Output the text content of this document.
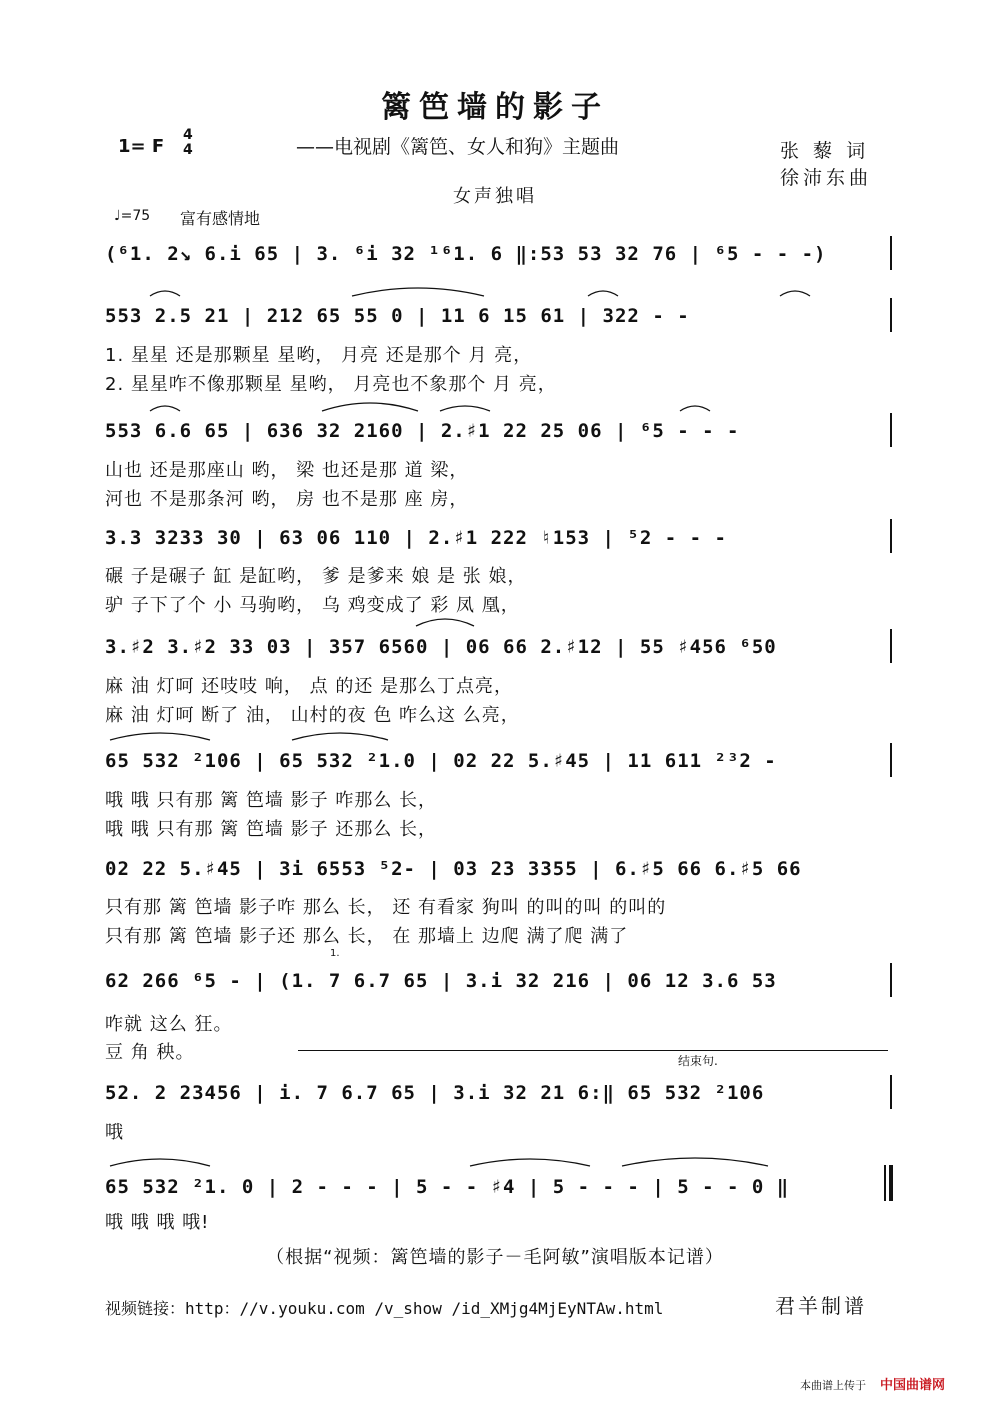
篱笆墙的影子
1= F
4
4	——电视剧《篱笆、女人和狗》主题曲	张 藜 词
徐沛东曲
女声独唱
♩=75 富有感情地
(⁶1. 2↘ 6.i 65 | 3. ⁶i 32 ¹⁶1. 6 ‖:53 53 32 76 | ⁶5 - - -)
553 2.5 21 | 212 65 55 0 | 11 6 15 61 | 322 - -
1. 星星 还是那颗星 星哟， 月亮 还是那个 月 亮，
2. 星星咋不像那颗星 星哟， 月亮也不象那个 月 亮，
553 6.6 65 | 636 32 2160 | 2.♯1 22 25 06 | ⁶5 - - -
山也 还是那座山 哟， 梁 也还是那 道 梁，
河也 不是那条河 哟， 房 也不是那 座 房，
3.3 3233 30 | 63 06 110 | 2.♯1 222 ♮153 | ⁵2 - - -
碾 子是碾子 缸 是缸哟， 爹 是爹来 娘 是 张 娘，
驴 子下了个 小 马驹哟， 乌 鸡变成了 彩 凤 凰，
3.♯2 3.♯2 33 03 | 357 6560 | 06 66 2.♯12 | 55 ♯456 ⁶50
麻 油 灯呵 还吱吱 响， 点 的还 是那么丁点亮，
麻 油 灯呵 断了 油， 山村的夜 色 咋么这 么亮，
65 532 ²106 | 65 532 ²1.0 | 02 22 5.♯45 | 11 611 ²³2 -
哦 哦 只有那 篱 笆墙 影子 咋那么 长，
哦 哦 只有那 篱 笆墙 影子 还那么 长，
02 22 5.♯45 | 3i 6553 ⁵2- | 03 23 3355 | 6.♯5 66 6.♯5 66
只有那 篱 笆墙 影子咋 那么 长， 还 有看家 狗叫 的叫的叫 的叫的
只有那 篱 笆墙 影子还 那么 长， 在 那墙上 边爬 满了爬 满了
1.
62 266 ⁶5 - | (1. 7 6.7 65 | 3.i 32 216 | 06 12 3.6 53
咋就 这么 狂。
豆 角 秧。	结束句.
52. 2 23456 | i. 7 6.7 65 | 3.i 32 21 6:‖ 65 532 ²106
哦
65 532 ²1. 0 | 2 - - - | 5 - - ♯4 | 5 - - - | 5 - - 0 ‖
哦 哦 哦 哦!
（根据“视频：篱笆墙的影子－毛阿敏”演唱版本记谱）
视频链接：http：//v.youku.com /v_show /id_XMjg4MjEyNTAw.html	君羊制谱
本曲谱上传于 中国曲谱网
